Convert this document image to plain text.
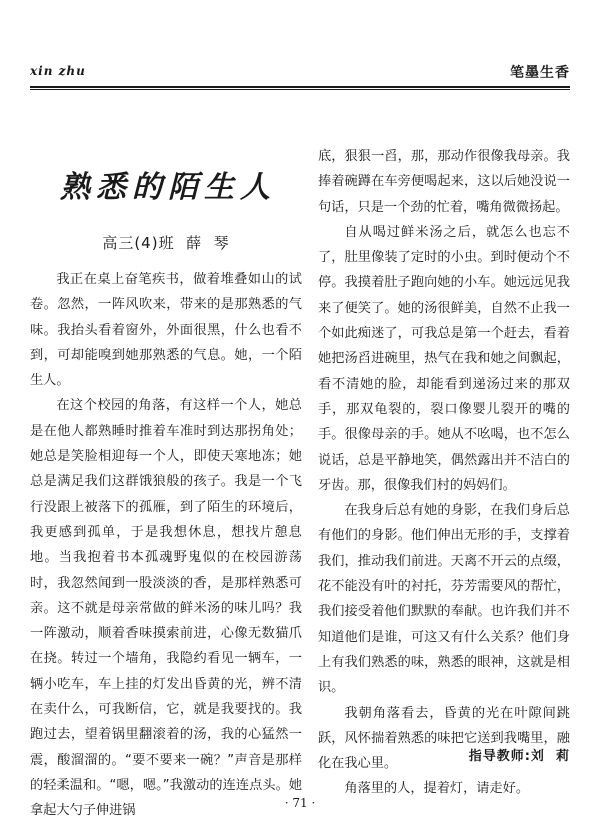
xin zhu	笔墨生香
熟悉的陌生人
高三(4)班  薛  琴

我正在桌上奋笔疾书，做着堆叠如山的试卷。忽然，一阵风吹来，带来的是那熟悉的气味。我抬头看着窗外，外面很黑，什么也看不到，可却能嗅到她那熟悉的气息。她，一个陌生人。

在这个校园的角落，有这样一个人，她总是在他人都熟睡时推着车准时到达那拐角处；她总是笑脸相迎每一个人，即使天寒地冻；她总是满足我们这群饿狼般的孩子。我是一个飞行没跟上被落下的孤雁，到了陌生的环境后，我更感到孤单，于是我想休息，想找片憩息地。当我抱着书本孤魂野鬼似的在校园游荡时，我忽然闻到一股淡淡的香，是那样熟悉可亲。这不就是母亲常做的鲜米汤的味儿吗？我一阵激动，顺着香味摸索前进，心像无数猫爪在挠。转过一个墙角，我隐约看见一辆车，一辆小吃车，车上挂的灯发出昏黄的光，辨不清在卖什么，可我断信，它，就是我要找的。我跑过去，望着锅里翻滚着的汤，我的心猛然一震，酸溜溜的。“要不要来一碗？”声音是那样的轻柔温和。“嗯，嗯。”我激动的连连点头。她拿起大勺子伸进锅

底，狠狠一舀，那，那动作很像我母亲。我捧着碗蹲在车旁便喝起来，这以后她没说一句话，只是一个劲的忙着，嘴角微微扬起。

自从喝过鲜米汤之后，就怎么也忘不了，肚里像装了定时的小虫。到时便动个不停。我摸着肚子跑向她的小车。她远远见我来了便笑了。她的汤很鲜美，自然不止我一个如此痴迷了，可我总是第一个赶去，看着她把汤舀进碗里，热气在我和她之间飘起，看不清她的脸，却能看到递汤过来的那双手，那双龟裂的，裂口像婴儿裂开的嘴的手。很像母亲的手。她从不吆喝，也不怎么说话，总是平静地笑，偶然露出并不洁白的牙齿。那，很像我们村的妈妈们。

在我身后总有她的身影，在我们身后总有他们的身影。他们伸出无形的手，支撑着我们，推动我们前进。天离不开云的点缀，花不能没有叶的衬托，芬芳需要风的帮忙，我们接受着他们默默的奉献。也许我们并不知道他们是谁，可这又有什么关系？他们身上有我们熟悉的味，熟悉的眼神，这就是相识。

我朝角落看去，昏黄的光在叶隙间跳跃，风怀揣着熟悉的味把它送到我嘴里，融化在我心里。

角落里的人，提着灯，请走好。

指导教师:刘  莉
· 71 ·
